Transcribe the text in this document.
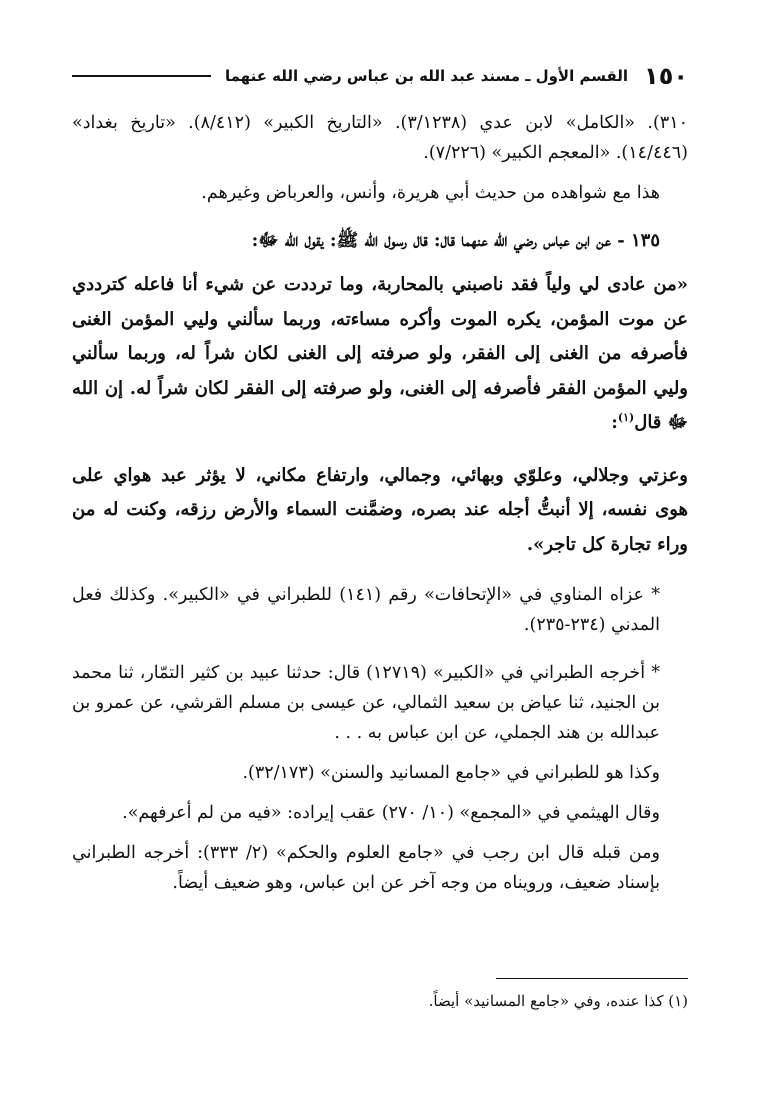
١٥٠
القسم الأول ـ مسند عبد الله بن عباس رضي الله عنهما

٣١٠). «الكامل» لابن عدي (٣/١٢٣٨). «التاريخ الكبير» (٨/٤١٢). «تاريخ بغداد» (١٤/٤٤٦). «المعجم الكبير» (٧/٢٢٦).

هذا مع شواهده من حديث أبي هريرة، وأنس، والعرباض وغيرهم.

١٣٥ - عن ابن عباس رضي الله عنهما قال: قال رسول الله ﷺ: يقول الله ﷻ:

«من عادى لي ولياً فقد ناصبني بالمحاربة، وما ترددت عن شيء أنا فاعله كترددي عن موت المؤمن، يكره الموت وأكره مساءته، وربما سألني وليي المؤمن الغنى فأصرفه من الغنى إلى الفقر، ولو صرفته إلى الغنى لكان شراً له، وربما سألني وليي المؤمن الفقر فأصرفه إلى الغنى، ولو صرفته إلى الفقر لكان شراً له. إن الله ﷻ قال$^{(١)}$:

وعزتي وجلالي، وعلوّي وبهائي، وجمالي، وارتفاع مكاني، لا يؤثر عبد هواي على هوى نفسه، إلا أنبتُّ أجله عند بصره، وضمَّنت السماء والأرض رزقه، وكنت له من وراء تجارة كل تاجر».

* عزاه المناوي في «الإتحافات» رقم (١٤١) للطبراني في «الكبير». وكذلك فعل المدني (٢٣٤-٢٣٥).

* أخرجه الطبراني في «الكبير» (١٢٧١٩) قال: حدثنا عبيد بن كثير التمّار، ثنا محمد بن الجنيد، ثنا عياض بن سعيد الثمالي، عن عيسى بن مسلم القرشي، عن عمرو بن عبدالله بن هند الجملي، عن ابن عباس به . . .

وكذا هو للطبراني في «جامع المسانيد والسنن» (٣٢/١٧٣).

وقال الهيثمي في «المجمع» (١٠/ ٢٧٠) عقب إيراده: «فيه من لم أعرفهم».

ومن قبله قال ابن رجب في «جامع العلوم والحكم» (٢/ ٣٣٣): أخرجه الطبراني بإسناد ضعيف، ورويناه من وجه آخر عن ابن عباس، وهو ضعيف أيضاً.

(١) كذا عنده، وفي «جامع المسانيد» أيضاً.
